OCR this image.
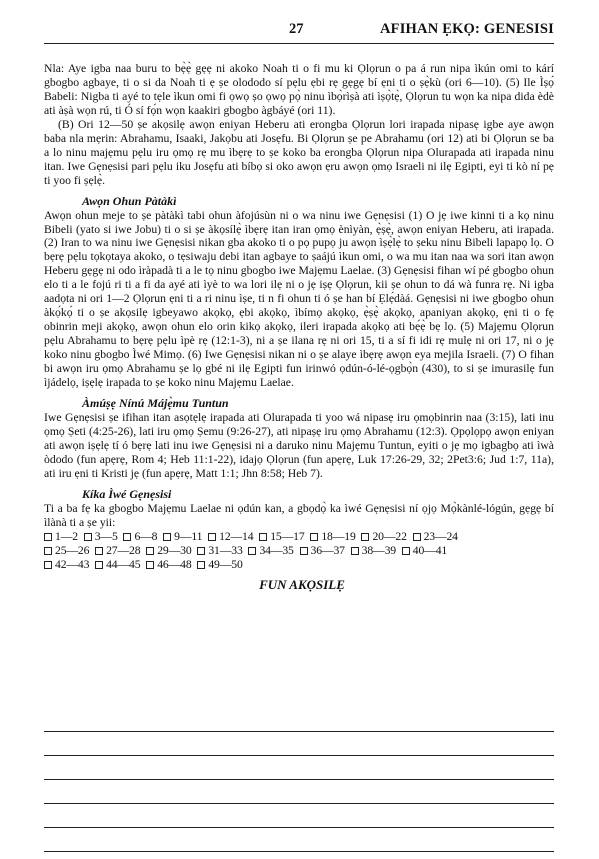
27	AFIHAN ẸKỌ: GENESISI

Nla: Aye igba naa buru to bẹ̀ẹ̀ gẹẹ ni akoko Noah ti o fi mu ki Ọlọrun o pa á run nipa ìkún omi to kárí gbogbo agbaye, ti o si da Noah ti ẹ ṣe olododo sí pẹlu ẹbi rẹ gẹgẹ bí ẹni ti o ṣẹ̀kù (ori 6—10). (5) Ile Ìṣọ́ Babeli: Nigba ti ayé to tẹle ìkun omi fi ọwọ ṣo ọwọ pọ̀ ninu ìbọ̀rìṣà ati ìṣọ̀tẹ̀, Ọlọrun tu wọn ka nipa dida èdè ati àṣà wọn rú, ti Ó sí fọ́n wọn kaakiri gbogbo àgbáyé (ori 11).

(B) Ori 12—50 ṣe akọsilẹ awọn eniyan Heberu ati erongba Ọlọrun lori irapada nipasẹ igbe aye awọn baba nla mẹrin: Abrahamu, Isaaki, Jakọbu ati Josẹfu. Bi Ọlọrun ṣe pe Abrahamu (ori 12) ati bi Ọlọrun se ba a lo ninu majẹmu pẹlu iru ọmọ rẹ mu ìbẹrẹ to ṣe koko ba erongba Ọlọrun nipa Olurapada ati irapada ninu itan. Iwe Gẹnẹsisi pari pẹlu iku Josẹfu ati bíbọ si oko awọn ẹru awọn ọmọ Israeli ni ilẹ Egipti, eyi ti kò ní pẹ ti yoo fi ṣẹlẹ̀.

Awọn Ohun Pàtàkì

Awọn ohun meje to ṣe pàtàkì tabi ohun àfojúsùn ni o wa ninu iwe Gẹnẹsisi (1) O jẹ iwe kinni ti a kọ ninu Bibeli (yato si iwe Jobu) ti o si ṣe àkọsílẹ̀ ìbẹrẹ itan iran ọmọ ènìyàn, ẹ̀ṣẹ̀, awọn eniyan Heberu, ati irapada. (2) Iran to wa ninu iwe Gẹnẹsisi nikan gba akoko ti o pọ pupọ ju awọn ìṣẹ̀lẹ̀ to ṣeku ninu Bibeli lapapọ lọ. O bẹrẹ pẹlu tọkọtaya akoko, o tẹsiwaju debi itan agbaye to ṣaájú ìkun omi, o wa mu itan naa wa sori itan awọn Heberu gẹgẹ ni odo ìràpadà ti a le tọ ninu gbogbo iwe Majẹmu Laelae. (3) Gẹnẹsisi fihan wí pé gbogbo ohun elo ti a le fojú ri ti a fi da ayé ati ìyè to wa lori ilẹ ni o jẹ iṣẹ Ọlọrun, kii ṣe ohun to dá wà funra rẹ. Ni igba aadọta ni ori 1—2 Ọlọrun ẹni ti a ri ninu ìṣe, ti n fi ohun ti ó ṣe han bí Ẹlẹ́dàá. Gẹnẹsisi ni iwe gbogbo ohun àkọ́kọ́ ti o ṣe akọsilẹ igbeyawo akọkọ, ẹbi akọkọ, ìbímọ akọkọ, ẹ̀ṣẹ̀ akọkọ, apaniyan akọkọ, ẹni ti o fẹ obinrin meji akọkọ, awọn ohun elo orin kikọ akọkọ, ileri irapada akọkọ ati bẹ́ẹ̀ bẹ lọ. (5) Majẹmu Ọlọrun pẹlu Abrahamu to bẹrẹ pẹlu ìpè rẹ (12:1-3), ni a ṣe ilana rẹ ni ori 15, ti a sí fi idi rẹ mulẹ ni ori 17, ni o jẹ koko ninu gbogbo Ìwé Mimọ. (6) Iwe Gẹnẹsisi nikan ni o ṣe alaye ìbẹrẹ awọn eya mejila Israeli. (7) O fihan bi awọn iru ọmọ Abrahamu ṣe lọ gbé ni ilẹ Egipti fun irinwó ọdún-ó-lé-ọgbọ̀n (430), to si ṣe imurasilẹ fun ìjádelọ, iṣẹlẹ irapada to ṣe koko ninu Majẹmu Laelae.

Àmúṣẹ Nínú Májẹ̀mu Tuntun

Iwe Gẹnẹsisi ṣe ifihan itan asọtẹlẹ irapada ati Olurapada ti yoo wá nipasẹ iru ọmọbinrin naa (3:15), lati inu ọmọ Ṣeti (4:25-26), lati iru ọmọ Ṣemu (9:26-27), ati nipaṣẹ iru ọmọ Abrahamu (12:3). Ọpọlọpọ awọn eniyan ati awọn iṣẹlẹ tí ó bẹrẹ lati inu iwe Gẹnẹsisi ni a daruko ninu Majẹmu Tuntun, eyiti o jẹ mọ igbagbọ ati ìwà òdodo (fun apẹrẹ, Rom 4; Heb 11:1-22), idajọ Ọlọrun (fun apẹrẹ, Luk 17:26-29, 32; 2Pet3:6; Jud 1:7, 11a), ati iru ẹni ti Kristi jẹ (fun apẹrẹ, Matt 1:1; Jhn 8:58; Heb 7).

Kíka Ìwé Gẹnẹsisi

Ti a ba fẹ ka gbogbo Majẹmu Laelae ni ọdún kan, a gbọdọ̀ ka ìwé Gẹnẹsisi ní ọjọ Mọ̀kànlé-lógún, gẹgẹ bí ìlànà ti a ṣe yii:

1—2 3—5 6—8 9—11 12—14 15—17 18—19 20—22 23—24
25—26 27—28 29—30 31—33 34—35 36—37 38—39 40—41
42—43 44—45 46—48 49—50

FUN AKỌSILẸ
